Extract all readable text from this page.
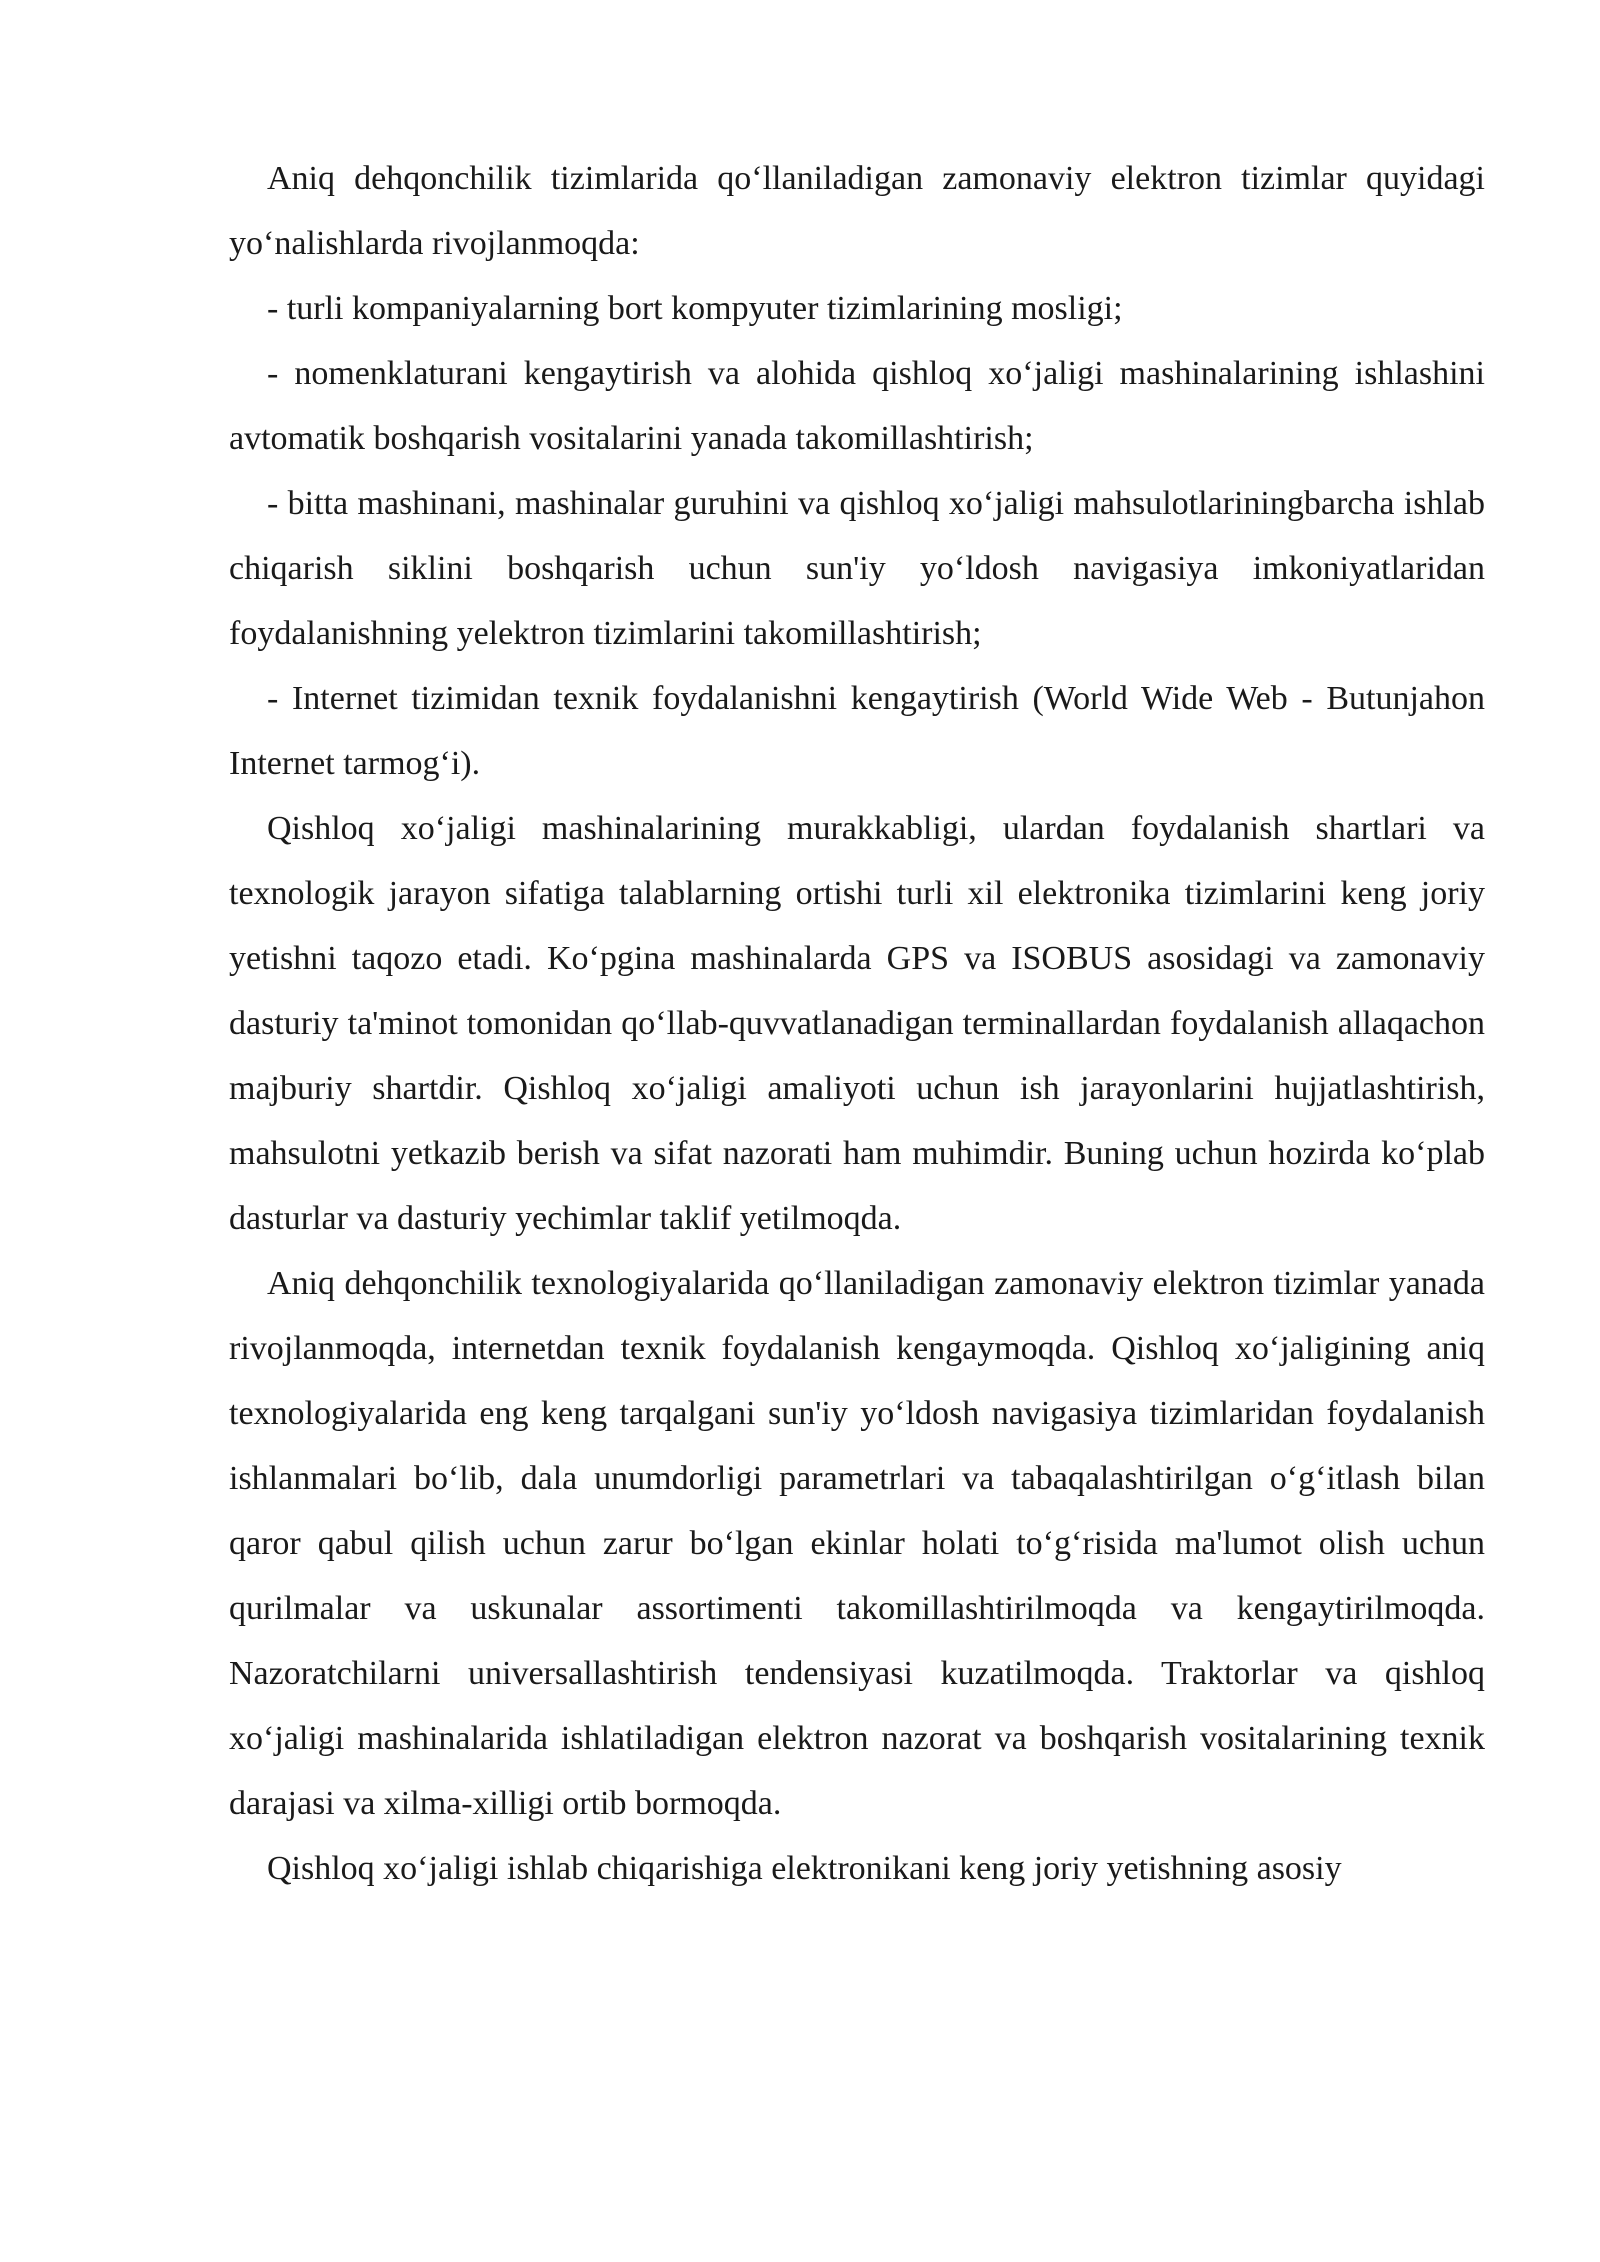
Aniq dehqonchilik tizimlarida qo‘llaniladigan zamonaviy elektron tizimlar quyidagi yo‘nalishlarda rivojlanmoqda:

- turli kompaniyalarning bort kompyuter tizimlarining mosligi;

- nomenklaturani kengaytirish va alohida qishloq xo‘jaligi mashinalarining ishlashini avtomatik boshqarish vositalarini yanada takomillashtirish;

- bitta mashinani, mashinalar guruhini va qishloq xo‘jaligi mahsulotlariningbarcha ishlab chiqarish siklini boshqarish uchun sun'iy yo‘ldosh navigasiya imkoniyatlaridan foydalanishning yelektron tizimlarini takomillashtirish;

- Internet tizimidan texnik foydalanishni kengaytirish (World Wide Web - Butunjahon Internet tarmog‘i).

Qishloq xo‘jaligi mashinalarining murakkabligi, ulardan foydalanish shartlari va texnologik jarayon sifatiga talablarning ortishi turli xil elektronika tizimlarini keng joriy yetishni taqozo etadi. Ko‘pgina mashinalarda GPS va ISOBUS asosidagi va zamonaviy dasturiy ta'minot tomonidan qo‘llab-quvvatlanadigan terminallardan foydalanish allaqachon majburiy shartdir. Qishloq xo‘jaligi amaliyoti uchun ish jarayonlarini hujjatlashtirish, mahsulotni yetkazib berish va sifat nazorati ham muhimdir. Buning uchun hozirda ko‘plab dasturlar va dasturiy yechimlar taklif yetilmoqda.

Aniq dehqonchilik texnologiyalarida qo‘llaniladigan zamonaviy elektron tizimlar yanada rivojlanmoqda, internetdan texnik foydalanish kengaymoqda. Qishloq xo‘jaligining aniq texnologiyalarida eng keng tarqalgani sun'iy yo‘ldosh navigasiya tizimlaridan foydalanish ishlanmalari bo‘lib, dala unumdorligi parametrlari va tabaqalashtirilgan o‘g‘itlash bilan qaror qabul qilish uchun zarur bo‘lgan ekinlar holati to‘g‘risida ma'lumot olish uchun qurilmalar va uskunalar assortimenti takomillashtirilmoqda va kengaytirilmoqda. Nazoratchilarni universallashtirish tendensiyasi kuzatilmoqda. Traktorlar va qishloq xo‘jaligi mashinalarida ishlatiladigan elektron nazorat va boshqarish vositalarining texnik darajasi va xilma-xilligi ortib bormoqda.

Qishloq xo‘jaligi ishlab chiqarishiga elektronikani keng joriy yetishning asosiy
